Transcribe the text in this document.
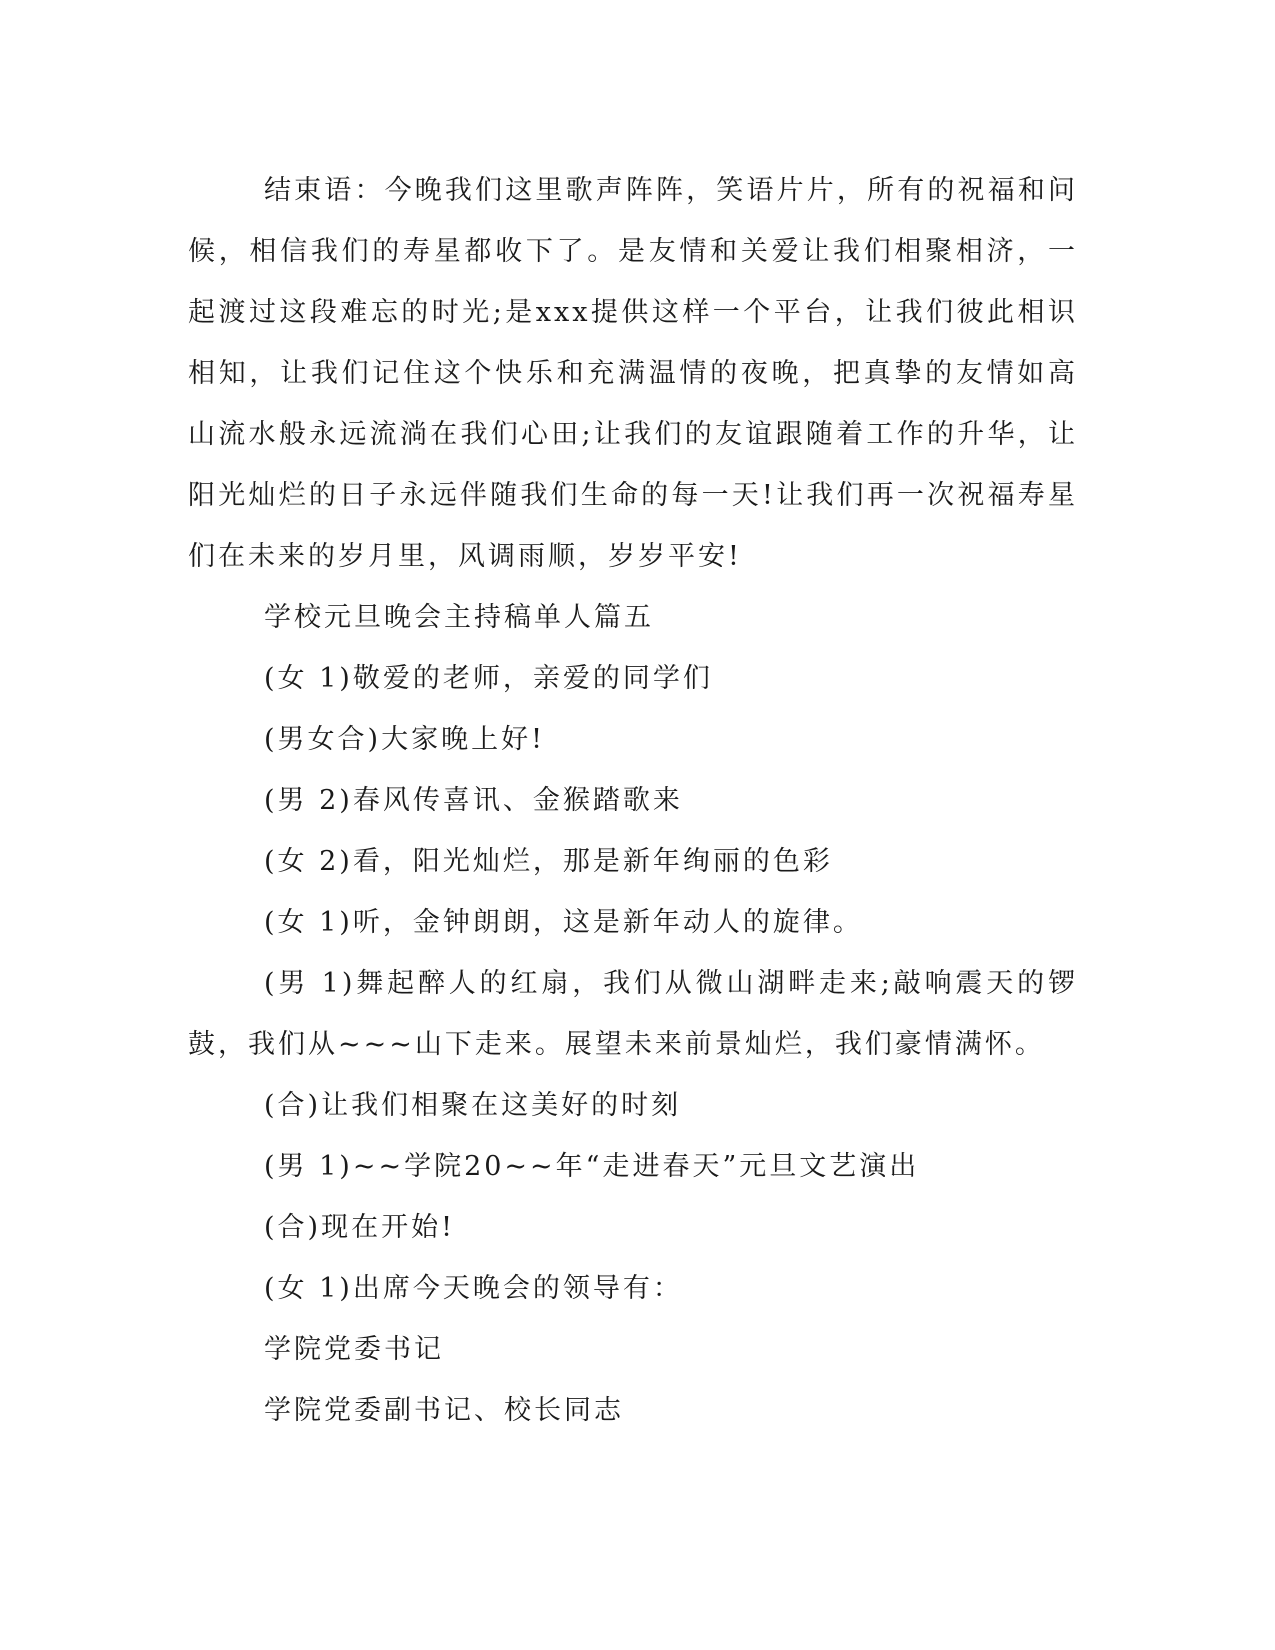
结束语：今晚我们这里歌声阵阵，笑语片片，所有的祝福和问候，相信我们的寿星都收下了。是友情和关爱让我们相聚相济，一起渡过这段难忘的时光;是xxx提供这样一个平台，让我们彼此相识相知，让我们记住这个快乐和充满温情的夜晚，把真挚的友情如高山流水般永远流淌在我们心田;让我们的友谊跟随着工作的升华，让阳光灿烂的日子永远伴随我们生命的每一天!让我们再一次祝福寿星们在未来的岁月里，风调雨顺，岁岁平安!

学校元旦晚会主持稿单人篇五

(女 1)敬爱的老师，亲爱的同学们

(男女合)大家晚上好!

(男 2)春风传喜讯、金猴踏歌来

(女 2)看，阳光灿烂，那是新年绚丽的色彩

(女 1)听，金钟朗朗，这是新年动人的旋律。

(男 1)舞起醉人的红扇，我们从微山湖畔走来;敲响震天的锣鼓，我们从~~~山下走来。展望未来前景灿烂，我们豪情满怀。

(合)让我们相聚在这美好的时刻

(男 1)~~学院20~~年“走进春天”元旦文艺演出

(合)现在开始!

(女 1)出席今天晚会的领导有：

学院党委书记

学院党委副书记、校长同志
